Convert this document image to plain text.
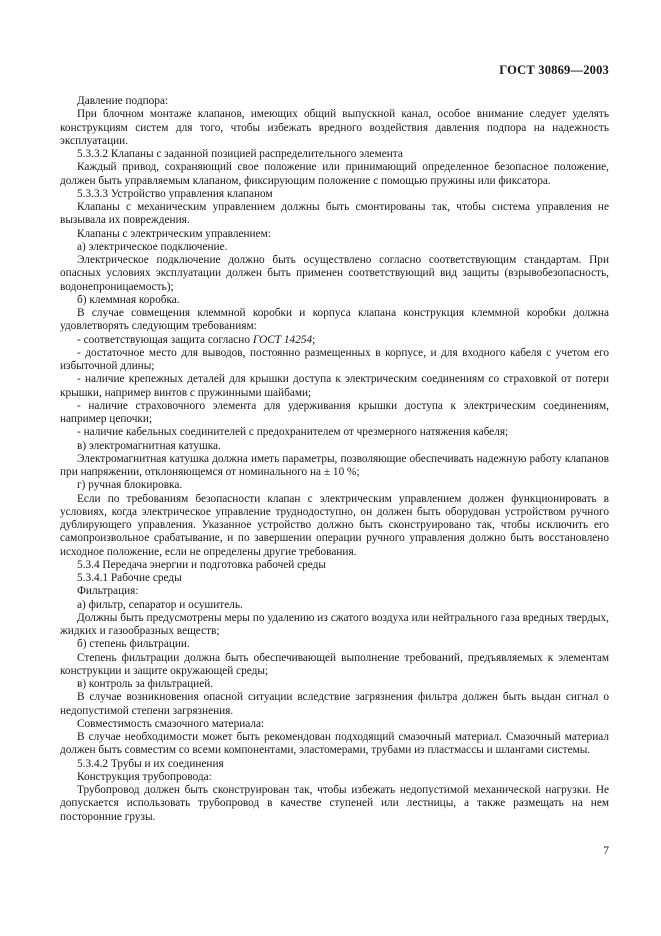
ГОСТ 30869—2003

Давление подпора:

При блочном монтаже клапанов, имеющих общий выпускной канал, особое внимание следует уделять конструкциям систем для того, чтобы избежать вредного воздействия давления подпора на надежность эксплуатации.

5.3.3.2 Клапаны с заданной позицией распределительного элемента

Каждый привод, сохраняющий свое положение или принимающий определенное безопасное положение, должен быть управляемым клапаном, фиксирующим положение с помощью пружины или фиксатора.

5.3.3.3 Устройство управления клапаном

Клапаны с механическим управлением должны быть смонтированы так, чтобы система управления не вызывала их повреждения.

Клапаны с электрическим управлением:

а) электрическое подключение.

Электрическое подключение должно быть осуществлено согласно соответствующим стандартам. При опасных условиях эксплуатации должен быть применен соответствующий вид защиты (взрывобезопасность, водонепроницаемость);

б) клеммная коробка.

В случае совмещения клеммной коробки и корпуса клапана конструкция клеммной коробки должна удовлетворять следующим требованиям:

- соответствующая защита согласно ГОСТ 14254;

- достаточное место для выводов, постоянно размещенных в корпусе, и для входного кабеля с учетом его избыточной длины;

- наличие крепежных деталей для крышки доступа к электрическим соединениям со страховкой от потери крышки, например винтов с пружинными шайбами;

- наличие страховочного элемента для удерживания крышки доступа к электрическим соединениям, например цепочки;

- наличие кабельных соединителей с предохранителем от чрезмерного натяжения кабеля;

в) электромагнитная катушка.

Электромагнитная катушка должна иметь параметры, позволяющие обеспечивать надежную работу клапанов при напряжении, отклоняющемся от номинального на ± 10 %;

г) ручная блокировка.

Если по требованиям безопасности клапан с электрическим управлением должен функционировать в условиях, когда электрическое управление труднодоступно, он должен быть оборудован устройством ручного дублирующего управления. Указанное устройство должно быть сконструировано так, чтобы исключить его самопроизвольное срабатывание, и по завершении операции ручного управления должно быть восстановлено исходное положение, если не определены другие требования.

5.3.4 Передача энергии и подготовка рабочей среды

5.3.4.1 Рабочие среды

Фильтрация:

а) фильтр, сепаратор и осушитель.

Должны быть предусмотрены меры по удалению из сжатого воздуха или нейтрального газа вредных твердых, жидких и газообразных веществ;

б) степень фильтрации.

Степень фильтрации должна быть обеспечивающей выполнение требований, предъявляемых к элементам конструкции и защите окружающей среды;

в) контроль за фильтрацией.

В случае возникновения опасной ситуации вследствие загрязнения фильтра должен быть выдан сигнал о недопустимой степени загрязнения.

Совместимость смазочного материала:

В случае необходимости может быть рекомендован подходящий смазочный материал. Смазочный материал должен быть совместим со всеми компонентами, эластомерами, трубами из пластмассы и шлангами системы.

5.3.4.2 Трубы и их соединения

Конструкция трубопровода:

Трубопровод должен быть сконструирован так, чтобы избежать недопустимой механической нагрузки. Не допускается использовать трубопровод в качестве ступеней или лестницы, а также размещать на нем посторонние грузы.

7
